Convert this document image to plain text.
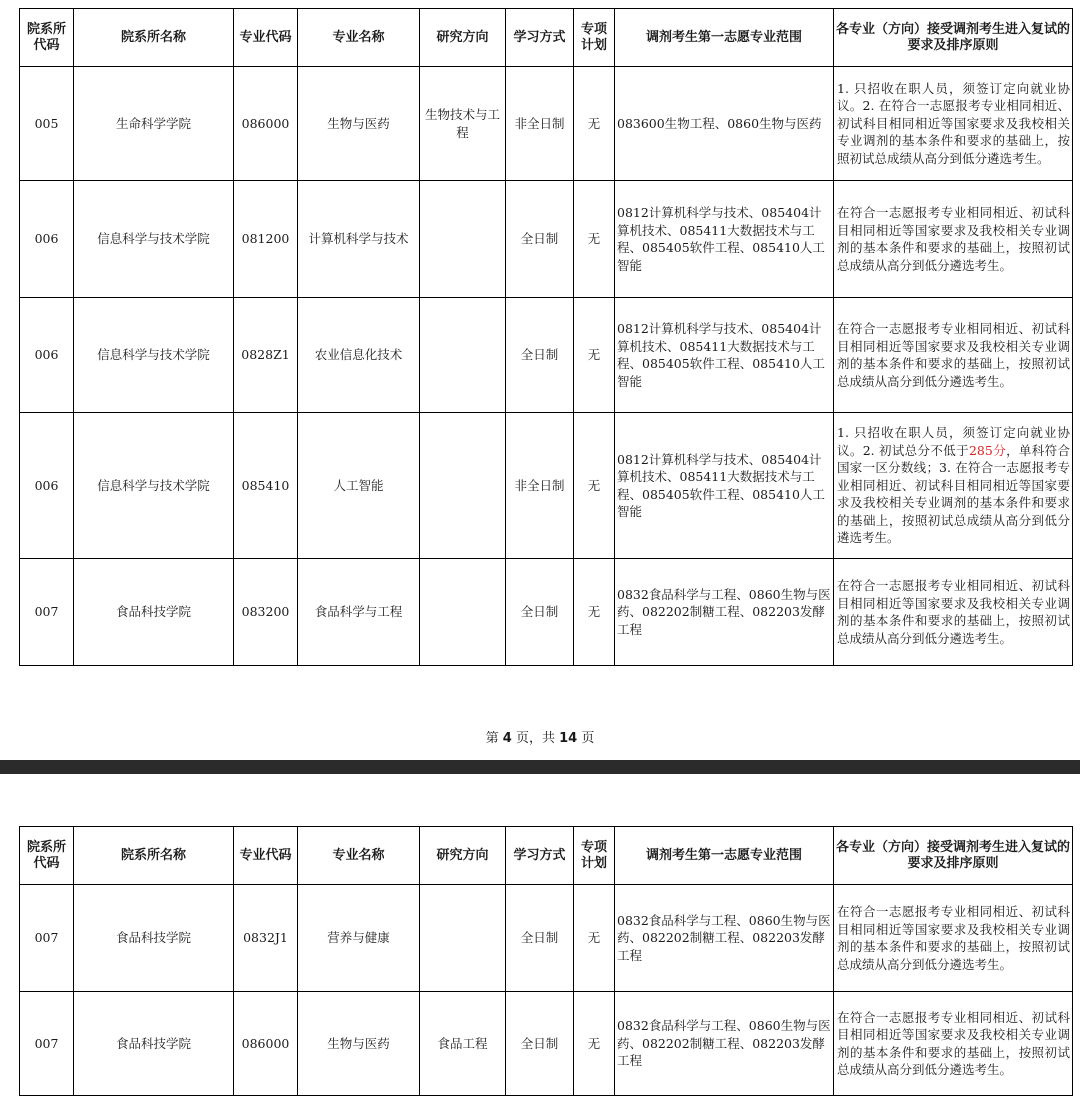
院系所代码	院系所名称	专业代码	专业名称	研究方向	学习方式	专项计划	调剂考生第一志愿专业范围	各专业（方向）接受调剂考生进入复试的要求及排序原则
005	生命科学学院	086000	生物与医药	生物技术与工程	非全日制	无	083600生物工程、0860生物与医药	1. 只招收在职人员，须签订定向就业协议。2. 在符合一志愿报考专业相同相近、初试科目相同相近等国家要求及我校相关专业调剂的基本条件和要求的基础上，按照初试总成绩从高分到低分遴选考生。
006	信息科学与技术学院	081200	计算机科学与技术		全日制	无	0812计算机科学与技术、085404计算机技术、085411大数据技术与工程、085405软件工程、085410人工智能	在符合一志愿报考专业相同相近、初试科目相同相近等国家要求及我校相关专业调剂的基本条件和要求的基础上，按照初试总成绩从高分到低分遴选考生。
006	信息科学与技术学院	0828Z1	农业信息化技术		全日制	无	0812计算机科学与技术、085404计算机技术、085411大数据技术与工程、085405软件工程、085410人工智能	在符合一志愿报考专业相同相近、初试科目相同相近等国家要求及我校相关专业调剂的基本条件和要求的基础上，按照初试总成绩从高分到低分遴选考生。
006	信息科学与技术学院	085410	人工智能		非全日制	无	0812计算机科学与技术、085404计算机技术、085411大数据技术与工程、085405软件工程、085410人工智能	1. 只招收在职人员，须签订定向就业协议。2. 初试总分不低于285分，单科符合国家一区分数线；3. 在符合一志愿报考专业相同相近、初试科目相同相近等国家要求及我校相关专业调剂的基本条件和要求的基础上，按照初试总成绩从高分到低分遴选考生。
007	食品科技学院	083200	食品科学与工程		全日制	无	0832食品科学与工程、0860生物与医药、082202制糖工程、082203发酵工程	在符合一志愿报考专业相同相近、初试科目相同相近等国家要求及我校相关专业调剂的基本条件和要求的基础上，按照初试总成绩从高分到低分遴选考生。
第 4 页，共 14 页
院系所代码	院系所名称	专业代码	专业名称	研究方向	学习方式	专项计划	调剂考生第一志愿专业范围	各专业（方向）接受调剂考生进入复试的要求及排序原则
007	食品科技学院	0832J1	营养与健康		全日制	无	0832食品科学与工程、0860生物与医药、082202制糖工程、082203发酵工程	在符合一志愿报考专业相同相近、初试科目相同相近等国家要求及我校相关专业调剂的基本条件和要求的基础上，按照初试总成绩从高分到低分遴选考生。
007	食品科技学院	086000	生物与医药	食品工程	全日制	无	0832食品科学与工程、0860生物与医药、082202制糖工程、082203发酵工程	在符合一志愿报考专业相同相近、初试科目相同相近等国家要求及我校相关专业调剂的基本条件和要求的基础上，按照初试总成绩从高分到低分遴选考生。
